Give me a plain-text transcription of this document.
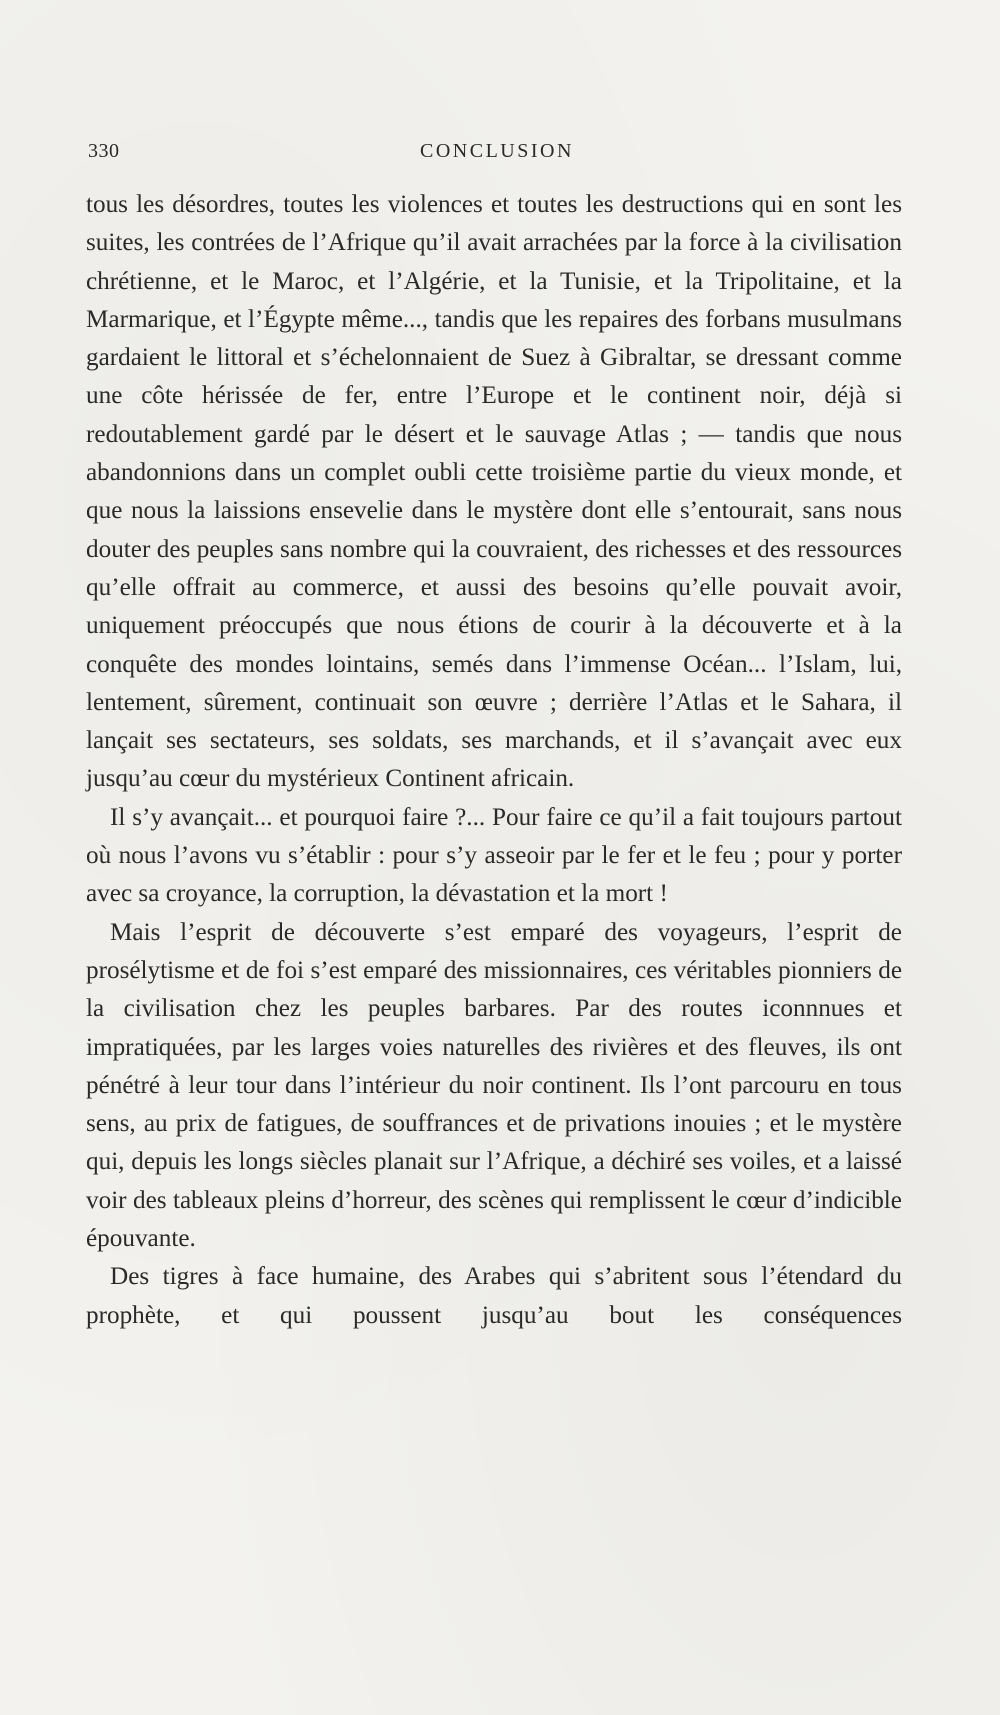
330	CONCLUSION

tous les désordres, toutes les violences et toutes les destructions qui en sont les suites, les contrées de l’Afrique qu’il avait arrachées par la force à la civilisation chrétienne, et le Maroc, et l’Algérie, et la Tunisie, et la Tripolitaine, et la Marmarique, et l’Égypte même..., tandis que les repaires des forbans musulmans gardaient le littoral et s’échelonnaient de Suez à Gibraltar, se dressant comme une côte hérissée de fer, entre l’Europe et le continent noir, déjà si redoutablement gardé par le désert et le sauvage Atlas ; — tandis que nous abandonnions dans un complet oubli cette troisième partie du vieux monde, et que nous la laissions ensevelie dans le mystère dont elle s’entourait, sans nous douter des peuples sans nombre qui la couvraient, des richesses et des ressources qu’elle offrait au commerce, et aussi des besoins qu’elle pouvait avoir, uniquement préoccupés que nous étions de courir à la découverte et à la conquête des mondes lointains, semés dans l’immense Océan... l’Islam, lui, lentement, sûrement, continuait son œuvre ; derrière l’Atlas et le Sahara, il lançait ses sectateurs, ses soldats, ses marchands, et il s’avançait avec eux jusqu’au cœur du mystérieux Continent africain.

Il s’y avançait... et pourquoi faire ?... Pour faire ce qu’il a fait toujours partout où nous l’avons vu s’établir : pour s’y asseoir par le fer et le feu ; pour y porter avec sa croyance, la corruption, la dévastation et la mort !

Mais l’esprit de découverte s’est emparé des voyageurs, l’esprit de prosélytisme et de foi s’est emparé des missionnaires, ces véritables pionniers de la civilisation chez les peuples barbares. Par des routes iconnnues et impratiquées, par les larges voies naturelles des rivières et des fleuves, ils ont pénétré à leur tour dans l’intérieur du noir continent. Ils l’ont parcouru en tous sens, au prix de fatigues, de souffrances et de privations inouies ; et le mystère qui, depuis les longs siècles planait sur l’Afrique, a déchiré ses voiles, et a laissé voir des tableaux pleins d’horreur, des scènes qui remplissent le cœur d’indicible épouvante.

Des tigres à face humaine, des Arabes qui s’abritent sous l’étendard du prophète, et qui poussent jusqu’au bout les conséquences
